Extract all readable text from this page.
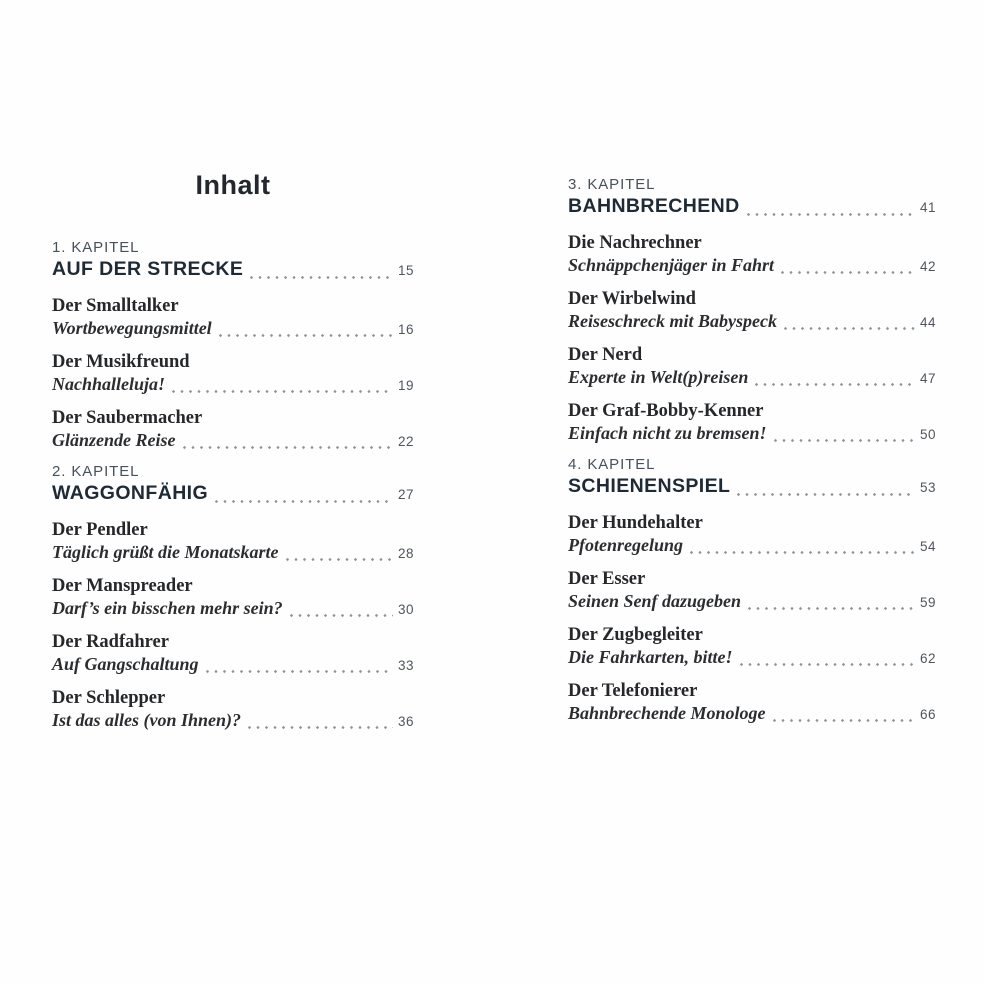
Inhalt
1. KAPITEL
AUF DER STRECKE	15
Der Smalltalker
Wortbewegungsmittel	16
Der Musikfreund
Nachhalleluja!	19
Der Saubermacher
Glänzende Reise	22
2. KAPITEL
WAGGONFÄHIG	27
Der Pendler
Täglich grüßt die Monatskarte	28
Der Manspreader
Darf’s ein bisschen mehr sein?	30
Der Radfahrer
Auf Gangschaltung	33
Der Schlepper
Ist das alles (von Ihnen)?	36
3. KAPITEL
BAHNBRECHEND	41
Die Nachrechner
Schnäppchenjäger in Fahrt	42
Der Wirbelwind
Reiseschreck mit Babyspeck	44
Der Nerd
Experte in Welt(p)reisen	47
Der Graf-Bobby-Kenner
Einfach nicht zu bremsen!	50
4. KAPITEL
SCHIENENSPIEL	53
Der Hundehalter
Pfotenregelung	54
Der Esser
Seinen Senf dazugeben	59
Der Zugbegleiter
Die Fahrkarten, bitte!	62
Der Telefonierer
Bahnbrechende Monologe	66
